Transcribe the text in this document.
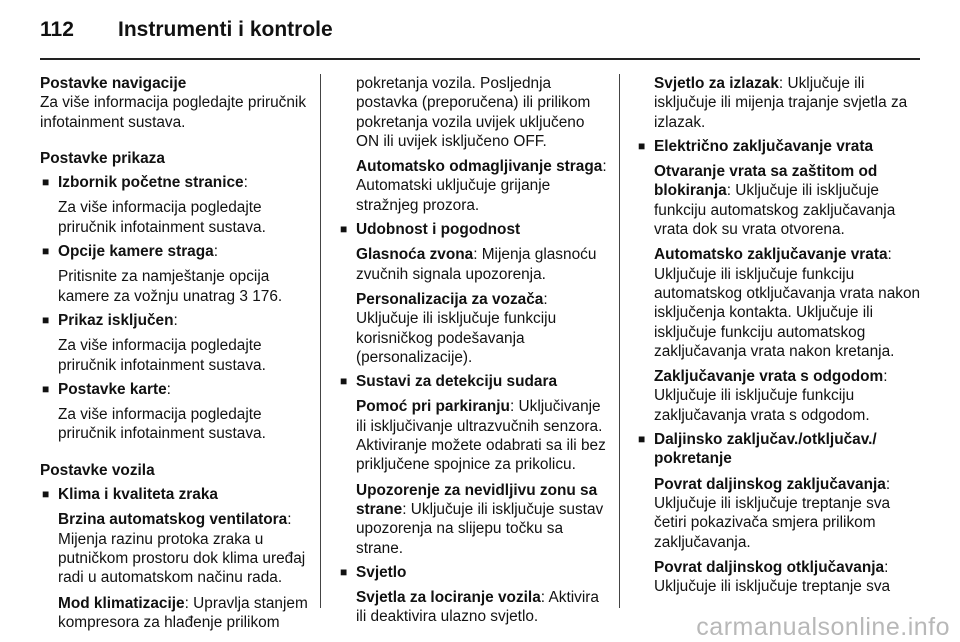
112 Instrumenti i kontrole
Postavke navigacije
Za više informacija pogledajte priručnik infotainment sustava.
Postavke prikaza
■ Izbornik početne stranice:
Za više informacija pogledajte priručnik infotainment sustava.
■ Opcije kamere straga:
Pritisnite za namještanje opcija kamere za vožnju unatrag 3 176.
■ Prikaz isključen:
Za više informacija pogledajte priručnik infotainment sustava.
■ Postavke karte:
Za više informacija pogledajte priručnik infotainment sustava.
Postavke vozila
■ Klima i kvaliteta zraka
Brzina automatskog ventilatora:
Mijenja razinu protoka zraka u putničkom prostoru dok klima uređaj radi u automatskom načinu rada.
Mod klimatizacije: Upravlja stanjem kompresora za hlađenje prilikom
pokretanja vozila. Posljednja postavka (preporučena) ili prilikom pokretanja vozila uvijek uključeno ON ili uvijek isključeno OFF.
Automatsko odmagljivanje straga:
Automatski uključuje grijanje stražnjeg prozora.
■ Udobnost i pogodnost
Glasnoća zvona: Mijenja glasnoću zvučnih signala upozorenja.
Personalizacija za vozača:
Uključuje ili isključuje funkciju korisničkog podešavanja (personalizacije).
■ Sustavi za detekciju sudara
Pomoć pri parkiranju: Uključivanje ili isključivanje ultrazvučnih senzora. Aktiviranje možete odabrati sa ili bez priključene spojnice za prikolicu.
Upozorenje za nevidljivu zonu sa strane: Uključuje ili isključuje sustav upozorenja na slijepu točku sa strane.
■ Svjetlo
Svjetla za lociranje vozila: Aktivira ili deaktivira ulazno svjetlo.
Svjetlo za izlazak: Uključuje ili isključuje ili mijenja trajanje svjetla za izlazak.
■ Električno zaključavanje vrata
Otvaranje vrata sa zaštitom od blokiranja: Uključuje ili isključuje funkciju automatskog zaključavanja vrata dok su vrata otvorena.
Automatsko zaključavanje vrata:
Uključuje ili isključuje funkciju automatskog otključavanja vrata nakon isključenja kontakta. Uključuje ili isključuje funkciju automatskog zaključavanja vrata nakon kretanja.
Zaključavanje vrata s odgodom:
Uključuje ili isključuje funkciju zaključavanja vrata s odgodom.
■ Daljinsko zaključav./otključav./ pokretanje
Povrat daljinskog zaključavanja:
Uključuje ili isključuje treptanje sva četiri pokazivača smjera prilikom zaključavanja.
Povrat daljinskog otključavanja:
Uključuje ili isključuje treptanje sva
carmanualsonline.info
